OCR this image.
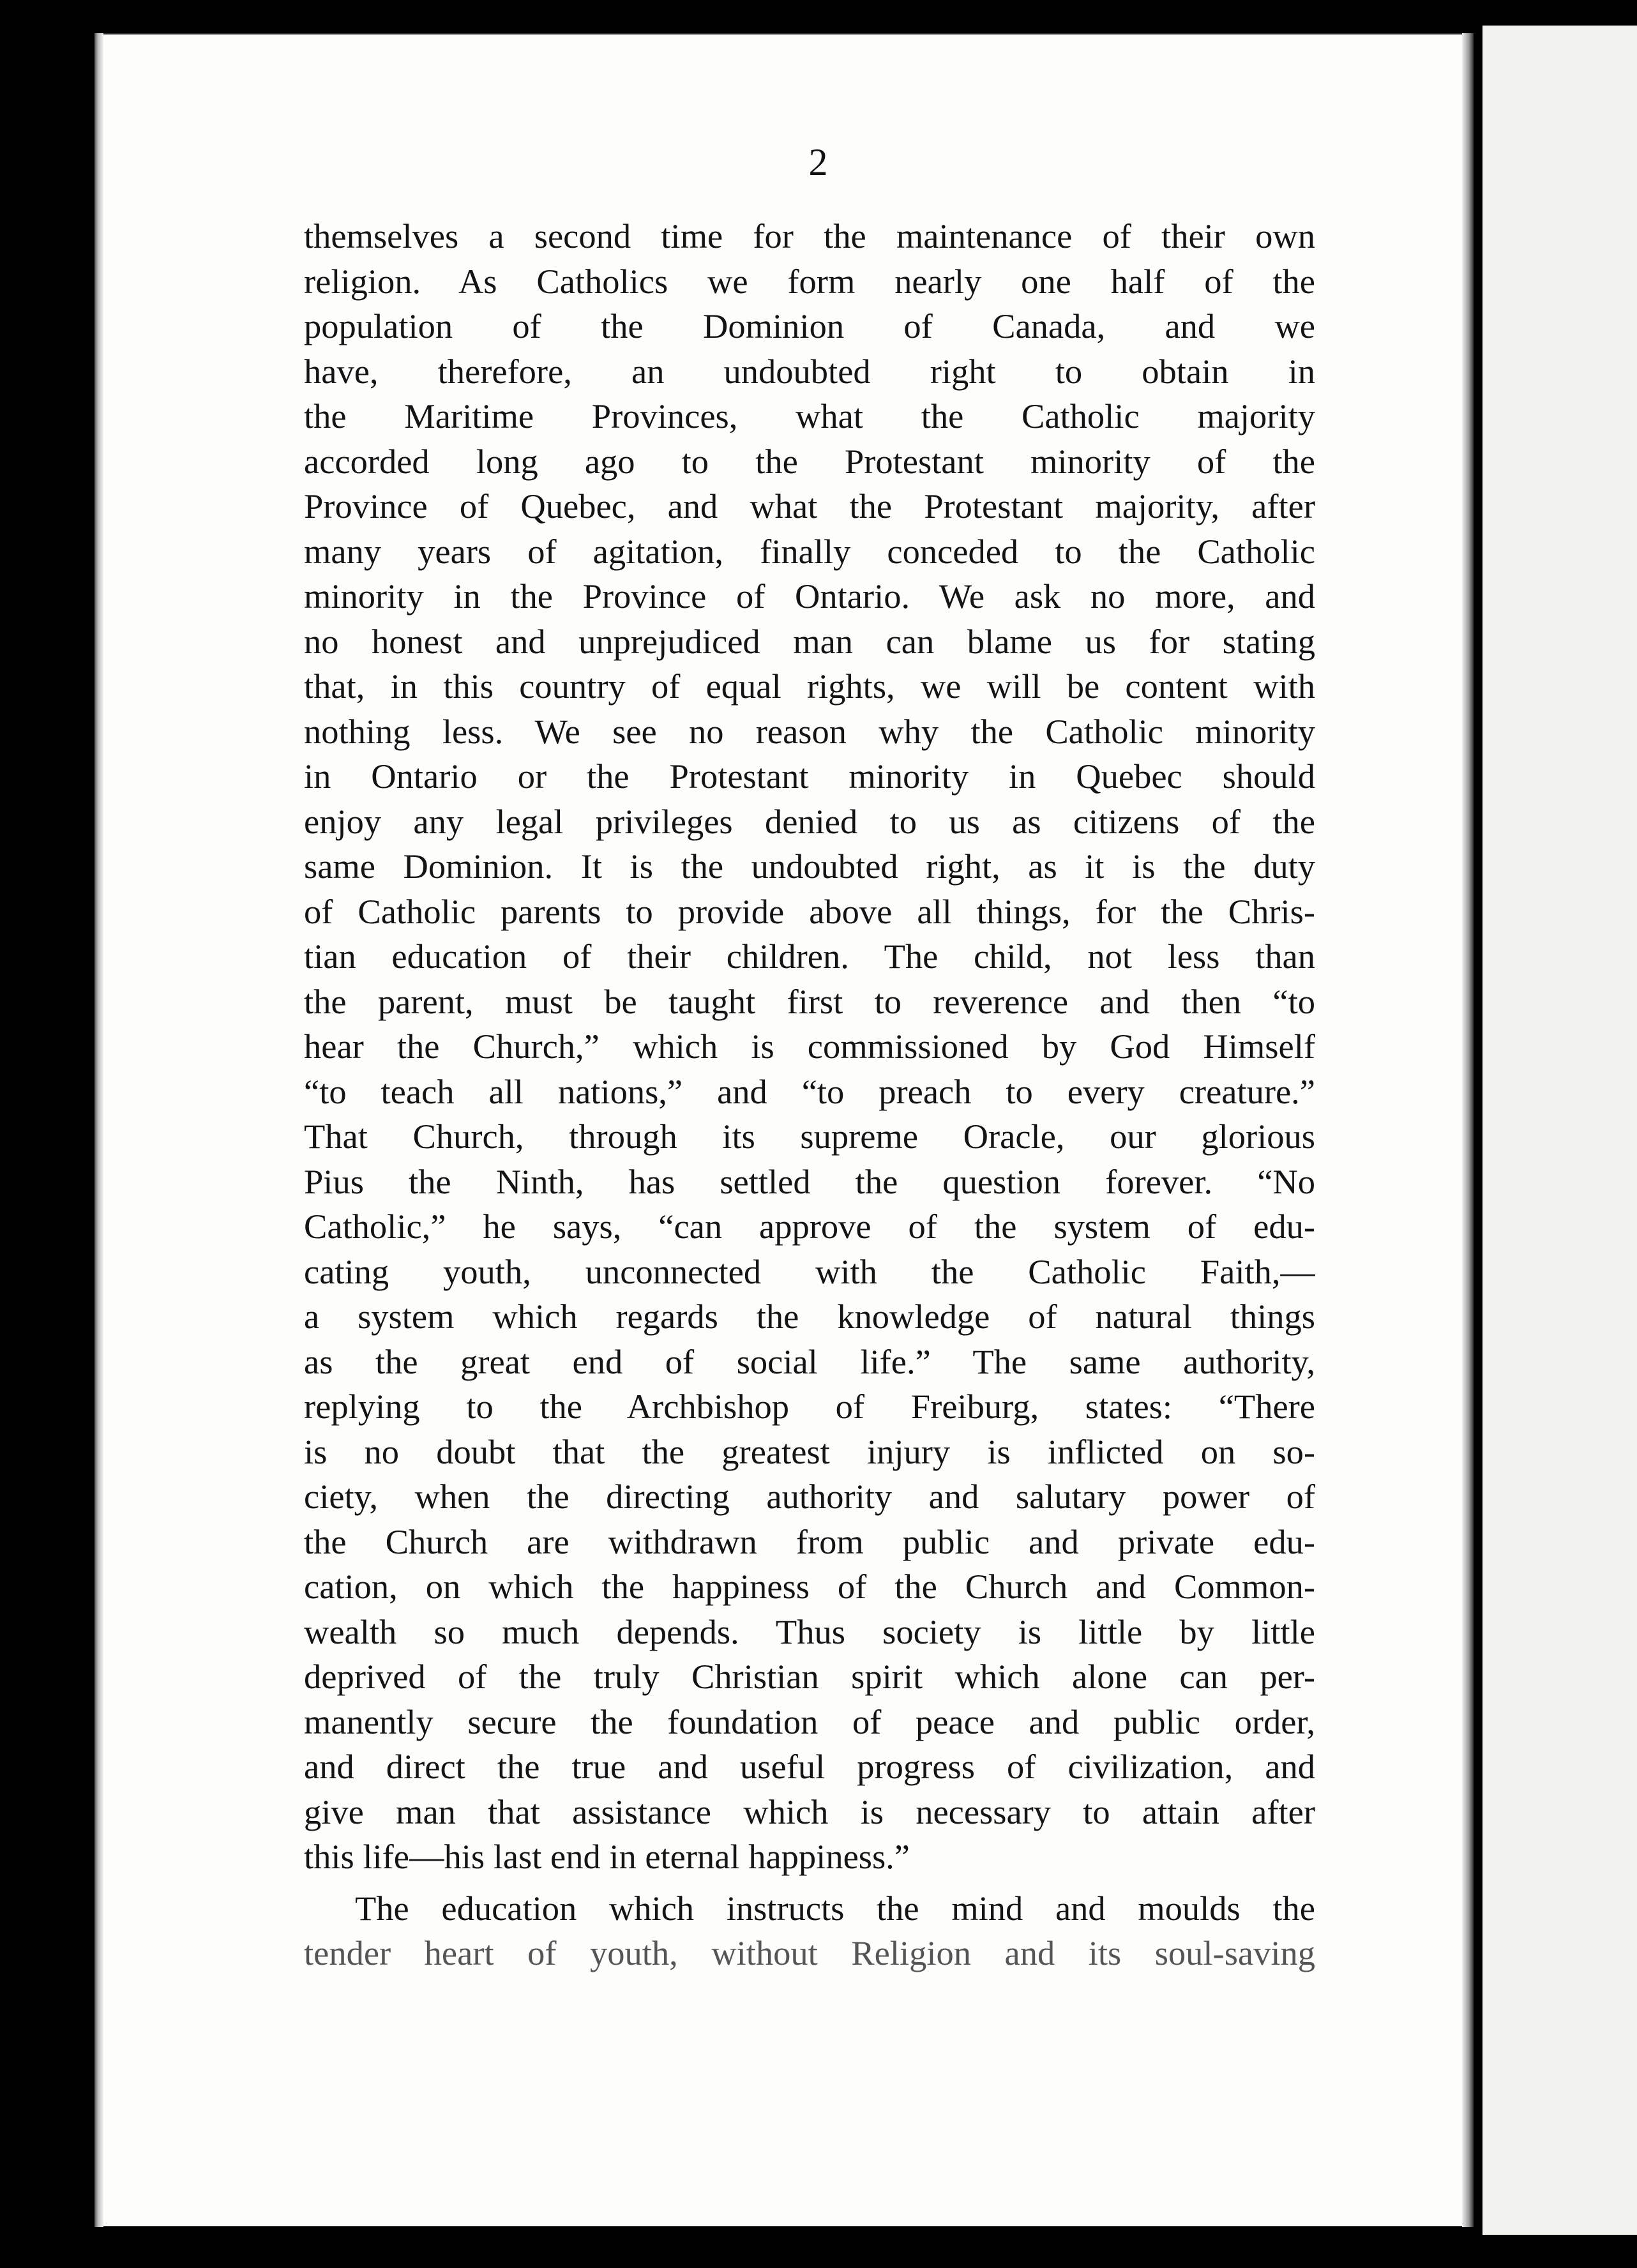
2
themselves a second time for the maintenance of their own
religion. As Catholics we form nearly one half of the
population of the Dominion of Canada, and we
have, therefore, an undoubted right to obtain in
the Maritime Provinces, what the Catholic majority
accorded long ago to the Protestant minority of the
Province of Quebec, and what the Protestant majority, after
many years of agitation, finally conceded to the Catholic
minority in the Province of Ontario. We ask no more, and
no honest and unprejudiced man can blame us for stating
that, in this country of equal rights, we will be content with
nothing less. We see no reason why the Catholic minority
in Ontario or the Protestant minority in Quebec should
enjoy any legal privileges denied to us as citizens of the
same Dominion. It is the undoubted right, as it is the duty
of Catholic parents to provide above all things, for the Chris-
tian education of their children. The child, not less than
the parent, must be taught first to reverence and then “to
hear the Church,” which is commissioned by God Himself
“to teach all nations,” and “to preach to every creature.”
That Church, through its supreme Oracle, our glorious
Pius the Ninth, has settled the question forever. “No
Catholic,” he says, “can approve of the system of edu-
cating youth, unconnected with the Catholic Faith,—
a system which regards the knowledge of natural things
as the great end of social life.” The same authority,
replying to the Archbishop of Freiburg, states: “There
is no doubt that the greatest injury is inflicted on so-
ciety, when the directing authority and salutary power of
the Church are withdrawn from public and private edu-
cation, on which the happiness of the Church and Common-
wealth so much depends. Thus society is little by little
deprived of the truly Christian spirit which alone can per-
manently secure the foundation of peace and public order,
and direct the true and useful progress of civilization, and
give man that assistance which is necessary to attain after
this life—his last end in eternal happiness.”
The education which instructs the mind and moulds the
tender heart of youth, without Religion and its soul-saving
